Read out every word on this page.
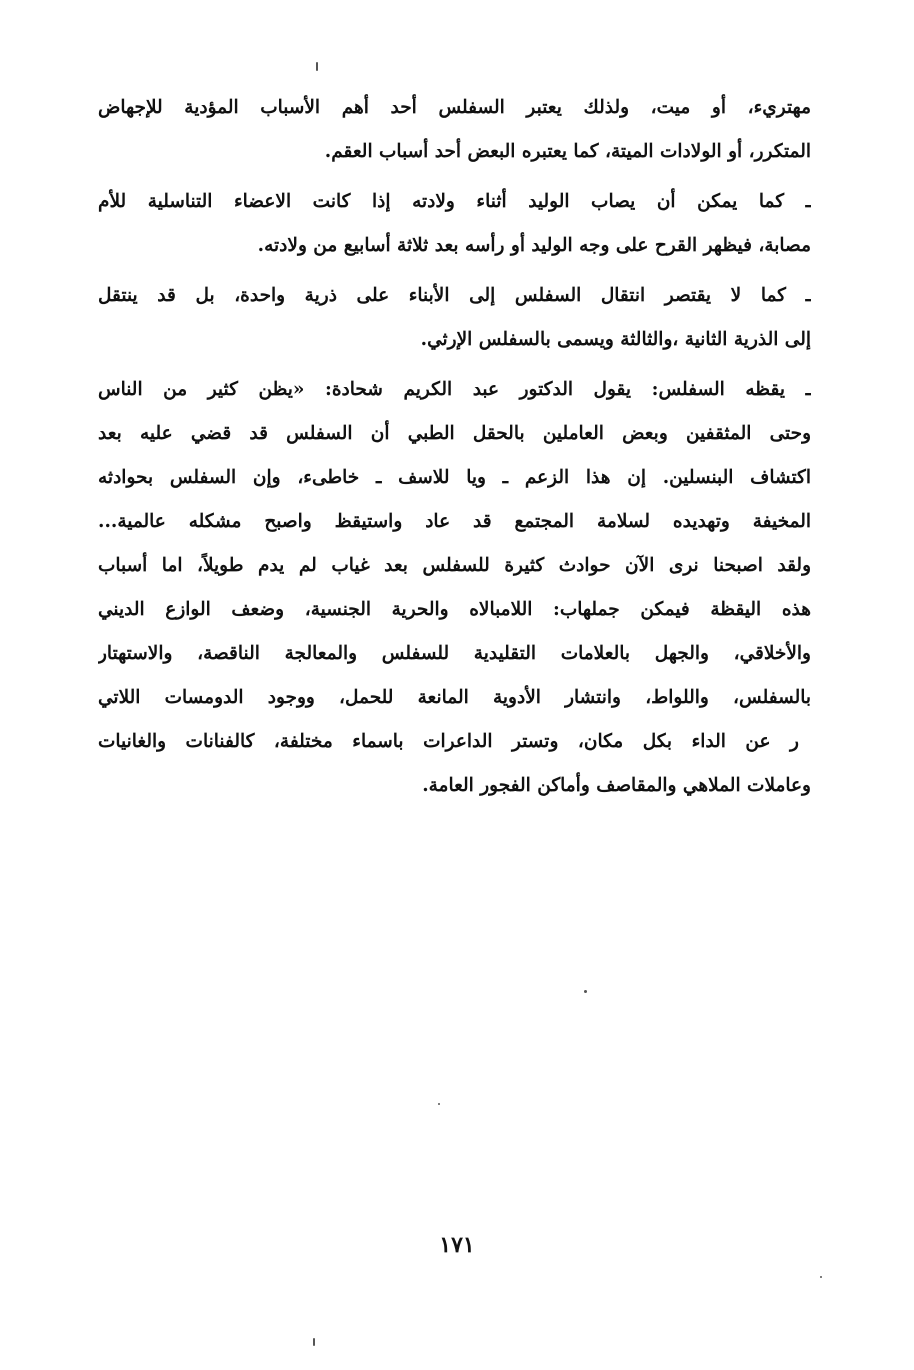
مهتريء، أو ميت، ولذلك يعتبر السفلس أحد أهم الأسباب المؤدية للإجهاض
المتكرر، أو الولادات الميتة، كما يعتبره البعض أحد أسباب العقم.
ـ كما يمكن أن يصاب الوليد أثناء ولادته إذا كانت الاعضاء التناسلية للأم
مصابة، فيظهر القرح على وجه الوليد أو رأسه بعد ثلاثة أسابيع من ولادته.
ـ كما لا يقتصر انتقال السفلس إلى الأبناء على ذرية واحدة، بل قد ينتقل
إلى الذرية الثانية ،والثالثة ويسمى بالسفلس الإرثي.
ـ يقظه السفلس: يقول الدكتور عبد الكريم شحادة: «يظن كثير من الناس
وحتى المثقفين وبعض العاملين بالحقل الطبي أن السفلس قد قضي عليه بعد
اكتشاف البنسلين. إن هذا الزعم ـ ويا للاسف ـ خاطىء، وإن السفلس بحوادثه
المخيفة وتهديده لسلامة المجتمع قد عاد واستيقظ واصبح مشكله عالمية...
ولقد اصبحنا نرى الآن حوادث كثيرة للسفلس بعد غياب لم يدم طويلاً، اما أسباب
هذه اليقظة فيمكن جملهاب: اللامبالاه والحرية الجنسية، وضعف الوازع الديني
والأخلاقي، والجهل بالعلامات التقليدية للسفلس والمعالجة الناقصة، والاستهتار
بالسفلس، واللواط، وانتشار الأدوية المانعة للحمل، ووجود الدومسات اللاتي
ر عن الداء بكل مكان، وتستر الداعرات باسماء مختلفة، كالفنانات والغانيات
وعاملات الملاهي والمقاصف وأماكن الفجور العامة.
١٧١
